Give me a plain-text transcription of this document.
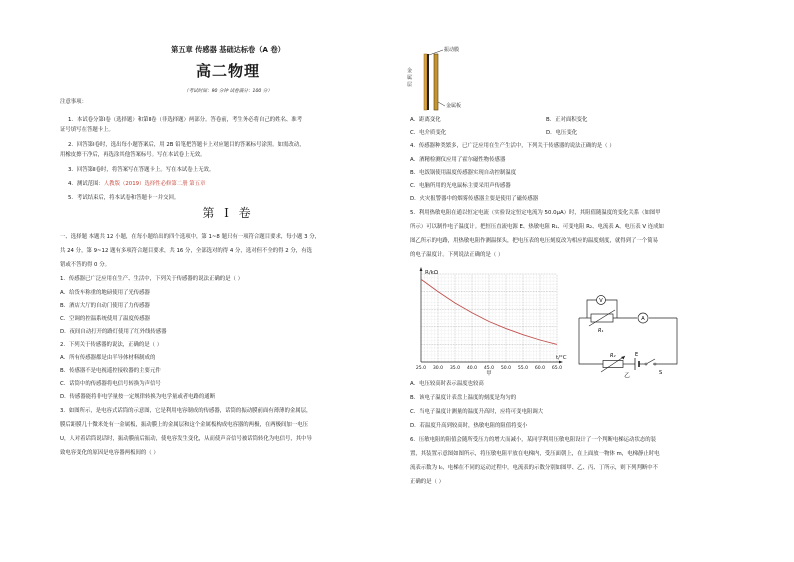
第五章 传感器 基础达标卷（A 卷）
高二物理
（考试时间：90 分钟 试卷满分：100 分）
注意事项：
1．本试卷分第Ⅰ卷（选择题）和第Ⅱ卷（非选择题）两部分。答卷前，考生务必将自己的姓名、准考
证号填写在答题卡上。
2．回答第Ⅰ卷时，选出每小题答案后，用 2B 铅笔把答题卡上对应题目的答案标号涂黑。如需改动，
用橡皮擦干净后，再选涂其他答案标号。写在本试卷上无效。
3．回答第Ⅱ卷时，将答案写在答题卡上。写在本试卷上无效。
4．测试范围：人教版（2019）选择性必修第二册 第五章
5．考试结束后，将本试卷和答题卡一并交回。
第 Ⅰ 卷
一、选择题 本题共 12 小题，在每小题给出的四个选项中，第 1~8 题只有一项符合题目要求，每小题 3 分，
共 24 分，第 9~12 题有多项符合题目要求，共 16 分，全部选对的得 4 分，选对但不全的得 2 分，有选
错或不答的得 0 分。
1．传感器已广泛应用在生产、生活中，下列关于传感器的说法正确的是（ ）
A．给货车称重的地磅使用了光传感器
B．酒店大厅的自动门使用了力传感器
C．空调的控温系统使用了温度传感器
D．夜间自动打开的路灯使用了红外线传感器
2．下列关于传感器的说法，正确的是（ ）
A．所有传感器都是由半导体材料制成的
B．传感器不是电视遥控接收器的主要元件
C．话筒中的传感器将电信号转换为声信号
D．传感器能将非电学量按一定规律转换为电学量或者电路的通断
3．如图所示，是电容式话筒的示意图，它是利用电容制成的传感器，话筒的振动膜前面有薄薄的金属层，
膜后距膜几十微米处有一金属板，振动膜上的金属层和这个金属板构成电容器的两极，在两极间加一电压
U，人对着话筒说话时，振动膜前后振动，使电容发生变化，从而使声音信号被话筒转化为电信号，其中导
致电容变化的原因是电容器两板间的（ ）
振动膜
金属层
金属板
A．距离变化	B．正对面积变化
C．电介质变化	D．电压变化
4．传感器种类繁多，已广泛应用在生产生活中，下列关于传感器的说法正确的是（ ）
A．酒精检测仪应用了霍尔磁性物传感器
B．电饭锅使用温度传感器实现自动控制温度
C．电脑所用的光电鼠标主要采用声传感器
D．火灾报警器中的烟雾传感器主要是使用了磁传感器
5．利用热敏电阻在通以恒定电流（实验设定恒定电流为 50.0μA）时，其阻值随温度的变化关系（如图甲
所示）可以制作电子温度计。把恒压直流电源 E、热敏电阻 R₁、可变电阻 R₂、电流表 A、电压表 V 连成如
图乙所示的电路，用热敏电阻作测温探头，把电压表的电压刻度改为相应的温度刻度，就得到了一个简易
的电子温度计。下列说法正确的是（ ）
25.0 30.0 35.0 40.0 45.0 50.0 55.0 60.0 65.0
R/kΩ
t/°C
甲
V
A
R₂
R₁
E
S
乙
A．电压较高时表示温度也较高
B．该电子温度计表盘上温度的刻度是均匀的
C．当电子温度计测量的温度升高时，应将可变电阻调大
D．若温度升高到较高时，热敏电阻的阻值将变小
6．压敏电阻的阻值会随所受压力的增大而减小，某同学利用压敏电阻设计了一个判断电梯运动状态的装
置，其装置示意图如图所示，将压敏电阻平放在电梯内，受压面朝上，在上面放一物体 m，电梯静止时电
流表示数为 I₀，电梯在不同的运动过程中，电流表的示数分别如图甲、乙、丙、丁所示，则下列判断中不
正确的是（ ）
